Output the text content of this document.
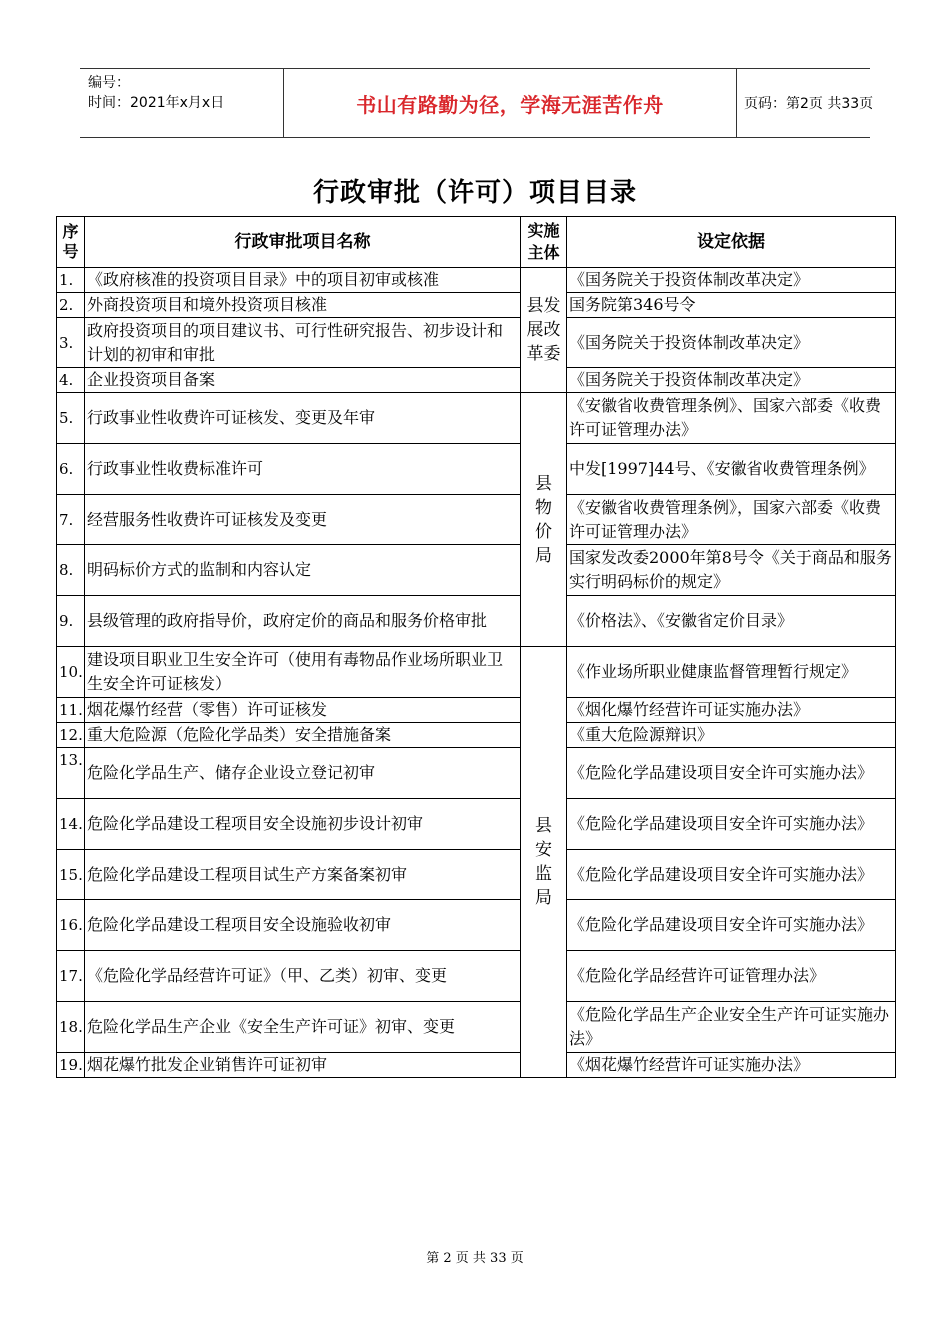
编号：
时间：2021年x月x日	书山有路勤为径，学海无涯苦作舟	页码：第2页 共33页
行政审批（许可）项目目录
序号	行政审批项目名称	实施主体	设定依据
1.	《政府核准的投资项目目录》中的项目初审或核准	县发展改革委	《国务院关于投资体制改革决定》
2.	外商投资项目和境外投资项目核准		国务院第346号令
3.	政府投资项目的项目建议书、可行性研究报告、初步设计和计划的初审和审批		《国务院关于投资体制改革决定》
4.	企业投资项目备案		《国务院关于投资体制改革决定》
5.	行政事业性收费许可证核发、变更及年审	县物价局	《安徽省收费管理条例》、国家六部委《收费许可证管理办法》
6.	行政事业性收费标准许可		中发[1997]44号、《安徽省收费管理条例》
7.	经营服务性收费许可证核发及变更		《安徽省收费管理条例》，国家六部委《收费许可证管理办法》
8.	明码标价方式的监制和内容认定		国家发改委2000年第8号令《关于商品和服务实行明码标价的规定》
9.	县级管理的政府指导价，政府定价的商品和服务价格审批		《价格法》、《安徽省定价目录》
10.	建设项目职业卫生安全许可（使用有毒物品作业场所职业卫生安全许可证核发）	县安监局	《作业场所职业健康监督管理暂行规定》
11.	烟花爆竹经营（零售）许可证核发		《烟化爆竹经营许可证实施办法》
12.	重大危险源（危险化学品类）安全措施备案		《重大危险源辩识》
13.	危险化学品生产、储存企业设立登记初审		《危险化学品建设项目安全许可实施办法》
14.	危险化学品建设工程项目安全设施初步设计初审		《危险化学品建设项目安全许可实施办法》
15.	危险化学品建设工程项目试生产方案备案初审		《危险化学品建设项目安全许可实施办法》
16.	危险化学品建设工程项目安全设施验收初审		《危险化学品建设项目安全许可实施办法》
17.	《危险化学品经营许可证》（甲、乙类）初审、变更		《危险化学品经营许可证管理办法》
18.	危险化学品生产企业《安全生产许可证》初审、变更		《危险化学品生产企业安全生产许可证实施办法》
19.	烟花爆竹批发企业销售许可证初审		《烟花爆竹经营许可证实施办法》
第 2 页 共 33 页
